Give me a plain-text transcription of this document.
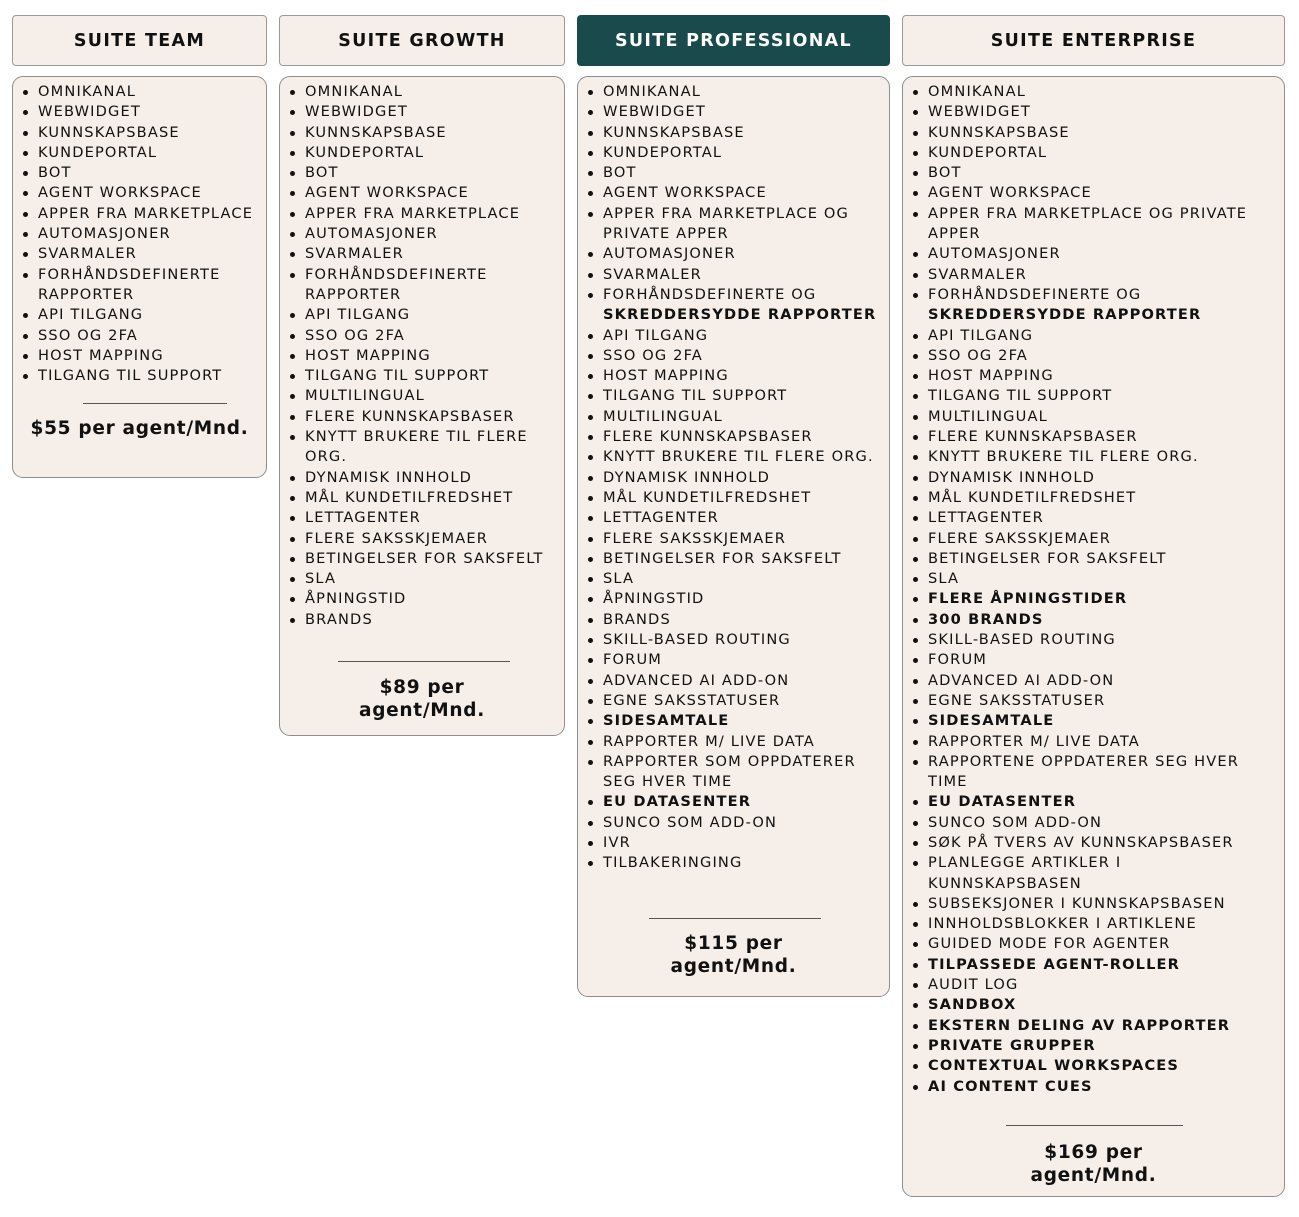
SUITE TEAM	SUITE GROWTH	SUITE PROFESSIONAL	SUITE ENTERPRISE
OMNIKANAL
WEBWIDGET
KUNNSKAPSBASE
KUNDEPORTAL
BOT
AGENT WORKSPACE
APPER FRA MARKETPLACE
AUTOMASJONER
SVARMALER
FORHÅNDSDEFINERTE
RAPPORTER
API TILGANG
SSO OG 2FA
HOST MAPPING
TILGANG TIL SUPPORT
$55 per agent/Mnd.
OMNIKANAL
WEBWIDGET
KUNNSKAPSBASE
KUNDEPORTAL
BOT
AGENT WORKSPACE
APPER FRA MARKETPLACE
AUTOMASJONER
SVARMALER
FORHÅNDSDEFINERTE
RAPPORTER
API TILGANG
SSO OG 2FA
HOST MAPPING
TILGANG TIL SUPPORT
MULTILINGUAL
FLERE KUNNSKAPSBASER
KNYTT BRUKERE TIL FLERE
ORG.
DYNAMISK INNHOLD
MÅL KUNDETILFREDSHET
LETTAGENTER
FLERE SAKSSKJEMAER
BETINGELSER FOR SAKSFELT
SLA
ÅPNINGSTID
BRANDS
$89 per
agent/Mnd.
OMNIKANAL
WEBWIDGET
KUNNSKAPSBASE
KUNDEPORTAL
BOT
AGENT WORKSPACE
APPER FRA MARKETPLACE OG
PRIVATE APPER
AUTOMASJONER
SVARMALER
FORHÅNDSDEFINERTE OG
SKREDDERSYDDE RAPPORTER
API TILGANG
SSO OG 2FA
HOST MAPPING
TILGANG TIL SUPPORT
MULTILINGUAL
FLERE KUNNSKAPSBASER
KNYTT BRUKERE TIL FLERE ORG.
DYNAMISK INNHOLD
MÅL KUNDETILFREDSHET
LETTAGENTER
FLERE SAKSSKJEMAER
BETINGELSER FOR SAKSFELT
SLA
ÅPNINGSTID
BRANDS
SKILL-BASED ROUTING
FORUM
ADVANCED AI ADD-ON
EGNE SAKSSTATUSER
SIDESAMTALE
RAPPORTER M/ LIVE DATA
RAPPORTER SOM OPPDATERER
SEG HVER TIME
EU DATASENTER
SUNCO SOM ADD-ON
IVR
TILBAKERINGING
$115 per
agent/Mnd.
OMNIKANAL
WEBWIDGET
KUNNSKAPSBASE
KUNDEPORTAL
BOT
AGENT WORKSPACE
APPER FRA MARKETPLACE OG PRIVATE
APPER
AUTOMASJONER
SVARMALER
FORHÅNDSDEFINERTE OG
SKREDDERSYDDE RAPPORTER
API TILGANG
SSO OG 2FA
HOST MAPPING
TILGANG TIL SUPPORT
MULTILINGUAL
FLERE KUNNSKAPSBASER
KNYTT BRUKERE TIL FLERE ORG.
DYNAMISK INNHOLD
MÅL KUNDETILFREDSHET
LETTAGENTER
FLERE SAKSSKJEMAER
BETINGELSER FOR SAKSFELT
SLA
FLERE ÅPNINGSTIDER
300 BRANDS
SKILL-BASED ROUTING
FORUM
ADVANCED AI ADD-ON
EGNE SAKSSTATUSER
SIDESAMTALE
RAPPORTER M/ LIVE DATA
RAPPORTENE OPPDATERER SEG HVER
TIME
EU DATASENTER
SUNCO SOM ADD-ON
SØK PÅ TVERS AV KUNNSKAPSBASER
PLANLEGGE ARTIKLER I
KUNNSKAPSBASEN
SUBSEKSJONER I KUNNSKAPSBASEN
INNHOLDSBLOKKER I ARTIKLENE
GUIDED MODE FOR AGENTER
TILPASSEDE AGENT-ROLLER
AUDIT LOG
SANDBOX
EKSTERN DELING AV RAPPORTER
PRIVATE GRUPPER
CONTEXTUAL WORKSPACES
AI CONTENT CUES
$169 per
agent/Mnd.
